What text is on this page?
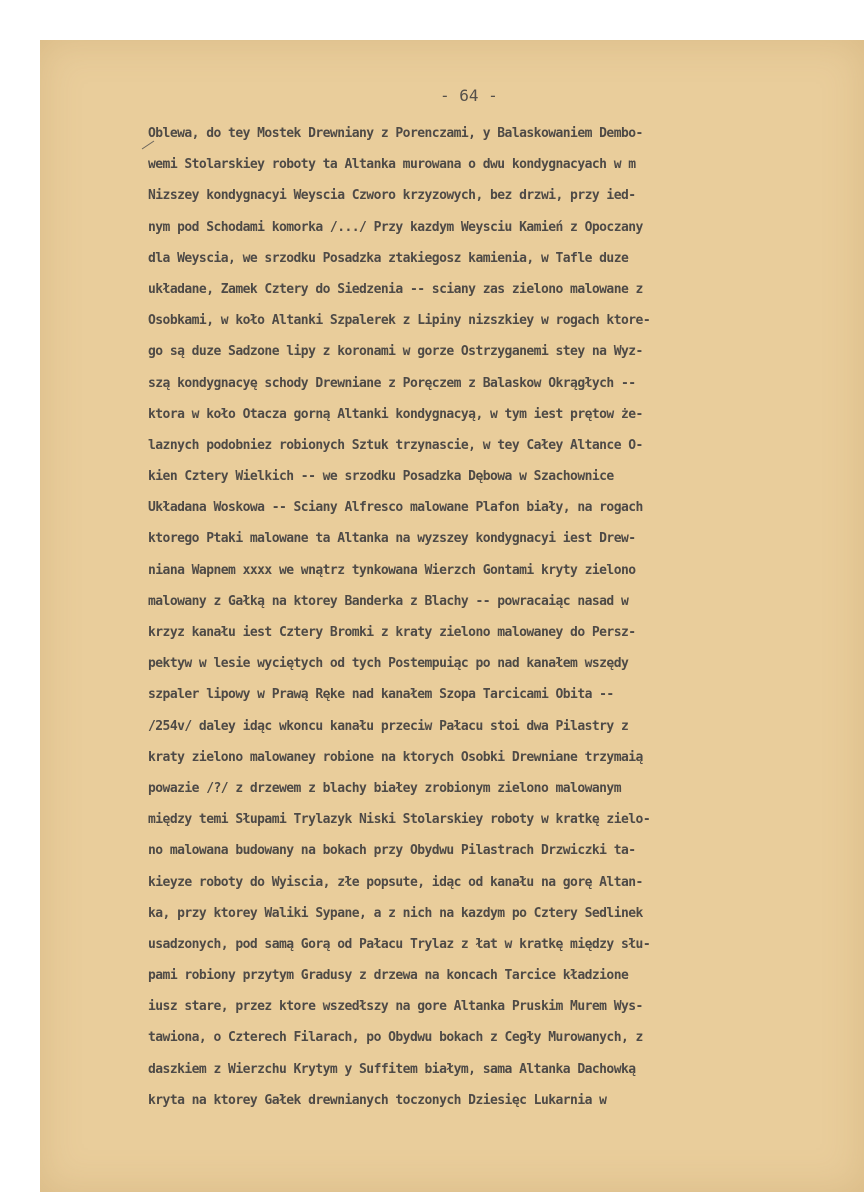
- 64 -
Oblewa, do tey Mostek Drewniany z Porenczami, y Balaskowaniem Dembo-
wemi Stolarskiey roboty ta Altanka murowana o dwu kondygnacyach w m
Nizszey kondygnacyi Weyscia Czworo krzyzowych, bez drzwi, przy ied-
nym pod Schodami komorka /.../ Przy kazdym Weysciu Kamień z Opoczany
dla Weyscia, we srzodku Posadzka ztakiegosz kamienia, w Tafle duze
układane, Zamek Cztery do Siedzenia -- sciany zas zielono malowane z
Osobkami, w koło Altanki Szpalerek z Lipiny nizszkiey w rogach ktore-
go są duze Sadzone lipy z koronami w gorze Ostrzyganemi stey na Wyz-
szą kondygnacyę schody Drewniane z Poręczem z Balaskow Okrągłych --
ktora w koło Otacza gorną Altanki kondygnacyą, w tym iest prętow że-
laznych podobniez robionych Sztuk trzynascie, w tey Całey Altance O-
kien Cztery Wielkich -- we srzodku Posadzka Dębowa w Szachownice
Układana Woskowa -- Sciany Alfresco malowane Plafon biały, na rogach
ktorego Ptaki malowane ta Altanka na wyzszey kondygnacyi iest Drew-
niana Wapnem xxxx we wnątrz tynkowana Wierzch Gontami kryty zielono
malowany z Gałką na ktorey Banderka z Blachy -- powracaiąc nasad w
krzyz kanału iest Cztery Bromki z kraty zielono malowaney do Persz-
pektyw w lesie wyciętych od tych Postempuiąc po nad kanałem wszędy
szpaler lipowy w Prawą Ręke nad kanałem Szopa Tarcicami Obita --
/254v/ daley idąc wkoncu kanału przeciw Pałacu stoi dwa Pilastry z
kraty zielono malowaney robione na ktorych Osobki Drewniane trzymaią
powazie /?/ z drzewem z blachy białey zrobionym zielono malowanym
między temi Słupami Trylazyk Niski Stolarskiey roboty w kratkę zielo-
no malowana budowany na bokach przy Obydwu Pilastrach Drzwiczki ta-
kieyze roboty do Wyiscia, złe popsute, idąc od kanału na gorę Altan-
ka, przy ktorey Waliki Sypane, a z nich na kazdym po Cztery Sedlinek
usadzonych, pod samą Gorą od Pałacu Trylaz z łat w kratkę między słu-
pami robiony przytym Gradusy z drzewa na koncach Tarcice kładzione
iusz stare, przez ktore wszedłszy na gore Altanka Pruskim Murem Wys-
tawiona, o Czterech Filarach, po Obydwu bokach z Cegły Murowanych, z
daszkiem z Wierzchu Krytym y Suffitem białym, sama Altanka Dachowką
kryta na ktorey Gałek drewnianych toczonych Dziesięc Lukarnia w
